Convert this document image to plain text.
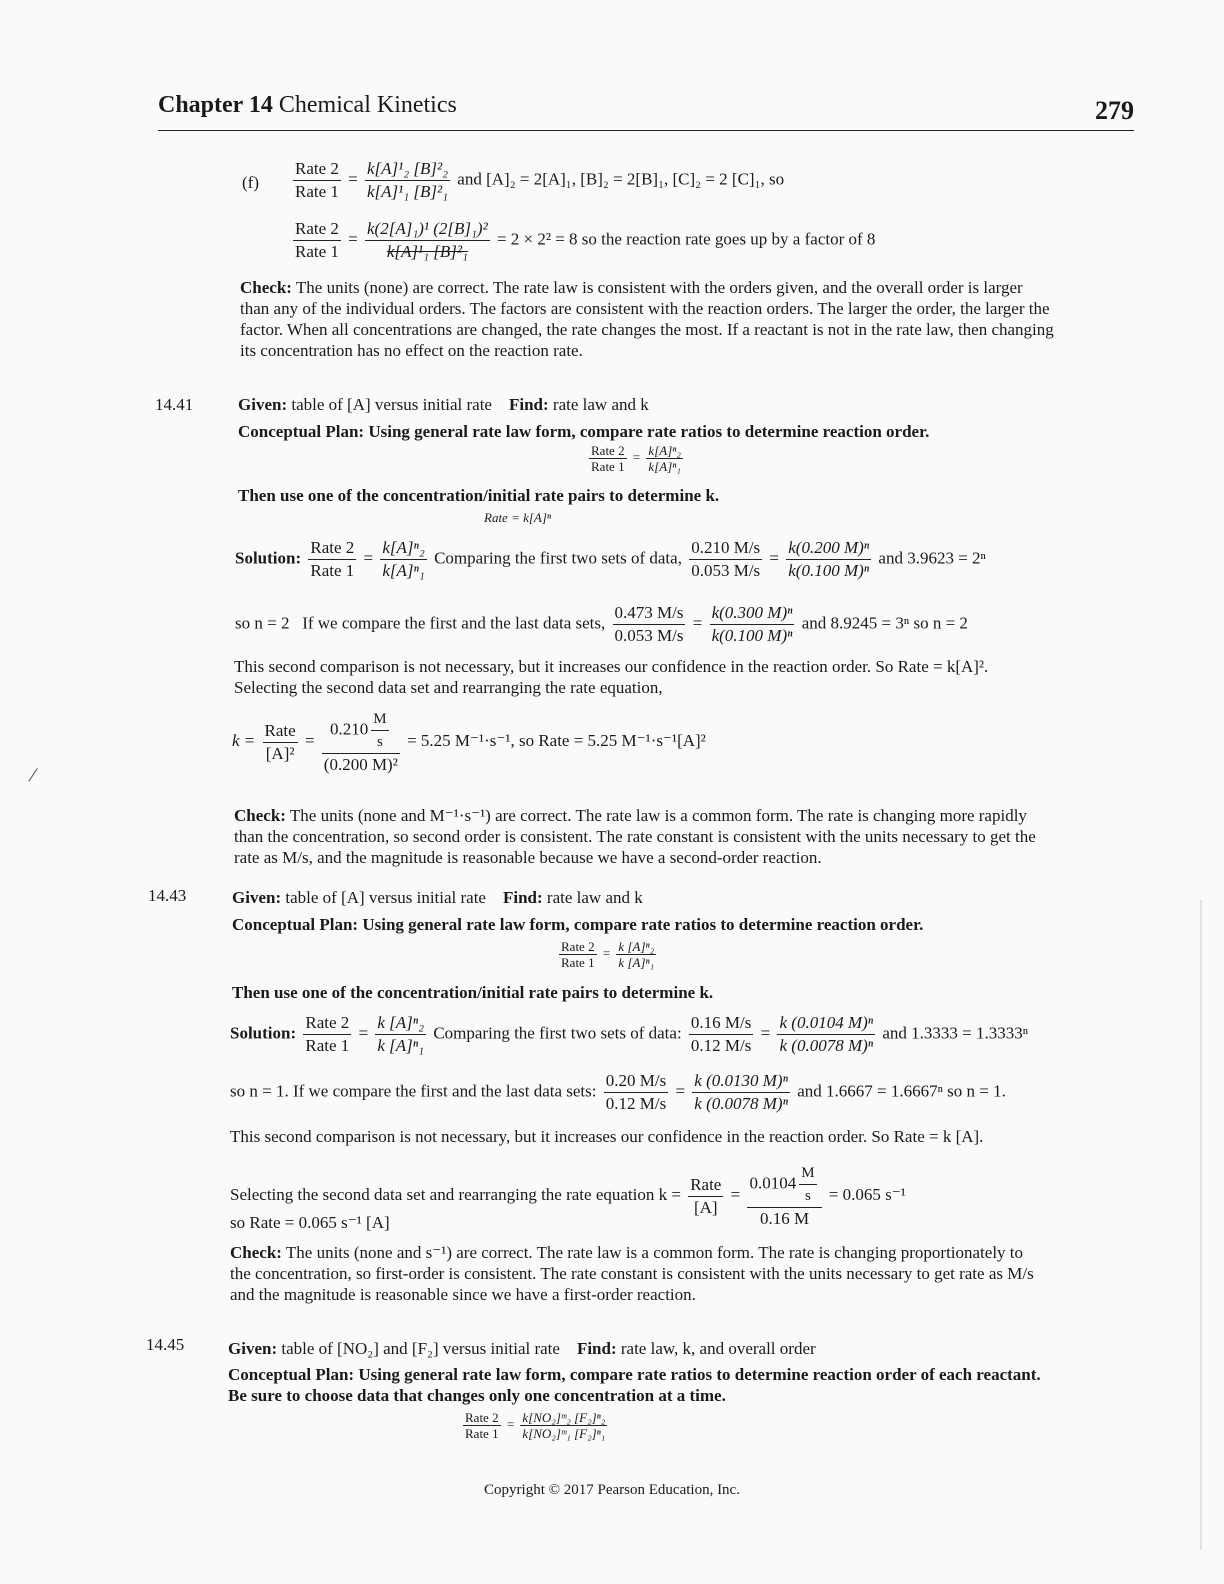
Chapter 14 Chemical Kinetics	279
$(f) \frac{\text{Rate 2}}{\text{Rate 1}} = \frac{\text{k[A]¹₂ [B]²₂}}{\text{k[A]¹₁ [B]²₁}}$ and [A]₂ = 2[A]₁, [B]₂ = 2[B]₁, [C]₂ = 2 [C]₁, so
$\frac{\text{Rate 2}}{\text{Rate 1}} = \frac{\text{k(2[A]₁)¹ (2[B]₁)²}}{\text{k[A]¹₁ [B]²₁}} = 2 \times 2^2 = 8$ so the reaction rate goes up by a factor of 8
Check: The units (none) are correct. The rate law is consistent with the orders given, and the overall order is larger
than any of the individual orders. The factors are consistent with the reaction orders. The larger the order, the larger the
factor. When all concentrations are changed, the rate changes the most. If a reactant is not in the rate law, then changing
its concentration has no effect on the reaction rate.
14.41	Given: table of [A] versus initial rate Find: rate law and k
Conceptual Plan: Using general rate law form, compare rate ratios to determine reaction order.
$\frac{\text{Rate 2}}{\text{Rate 1}} = \frac{\text{k[A]ⁿ₂}}{\text{k[A]ⁿ₁}}$
Then use one of the concentration/initial rate pairs to determine k.
Rate = k[A]ⁿ
Solution: $\frac{\text{Rate 2}}{\text{Rate 1}} = \frac{\text{k[A]ⁿ₂}}{\text{k[A]ⁿ₁}}$ Comparing the first two sets of data, $\frac{0.210 M/s}{0.053 M/s} = \frac{\text{k(0.200 M)ⁿ}}{\text{k(0.100 M)ⁿ}}$ and 3.9623 = 2ⁿ
so n = 2 If we compare the first and the last data sets, $\frac{0.473 M/s}{0.053 M/s} = \frac{\text{k(0.300 M)ⁿ}}{\text{k(0.100 M)ⁿ}}$ and 8.9245 = 3ⁿ so n = 2
This second comparison is not necessary, but it increases our confidence in the reaction order. So Rate = k[A]².
Selecting the second data set and rearranging the rate equation,
$k = \frac{\text{Rate}}{\text{[A]²}} = \frac{0.210 \frac{M}{s}}{\text{(0.200 M)²}} = 5.25$ M⁻¹·s⁻¹, so Rate = 5.25 M⁻¹·s⁻¹[A]²
Check: The units (none and M⁻¹·s⁻¹) are correct. The rate law is a common form. The rate is changing more rapidly
than the concentration, so second order is consistent. The rate constant is consistent with the units necessary to get the
rate as M/s, and the magnitude is reasonable because we have a second-order reaction.
14.43	Given: table of [A] versus initial rate Find: rate law and k
Conceptual Plan: Using general rate law form, compare rate ratios to determine reaction order.
$\frac{\text{Rate 2}}{\text{Rate 1}} = \frac{\text{k [A]ⁿ₂}}{\text{k [A]ⁿ₁}}$
Then use one of the concentration/initial rate pairs to determine k.
Solution: $\frac{\text{Rate 2}}{\text{Rate 1}} = \frac{\text{k [A]ⁿ₂}}{\text{k [A]ⁿ₁}}$ Comparing the first two sets of data: $\frac{0.16 M/s}{0.12 M/s} = \frac{\text{k (0.0104 M)ⁿ}}{\text{k (0.0078 M)ⁿ}}$ and 1.3333 = 1.3333ⁿ
so n = 1. If we compare the first and the last data sets: $\frac{0.20 M/s}{0.12 M/s} = \frac{\text{k (0.0130 M)ⁿ}}{\text{k (0.0078 M)ⁿ}}$ and 1.6667 = 1.6667ⁿ so n = 1.
This second comparison is not necessary, but it increases our confidence in the reaction order. So Rate = k [A].
Selecting the second data set and rearranging the rate equation $k = \frac{\text{Rate}}{[A]} = \frac{0.0104 \frac{M}{s}}{0.16 M} = 0.065$ s⁻¹
so Rate = 0.065 s⁻¹ [A]
Check: The units (none and s⁻¹) are correct. The rate law is a common form. The rate is changing proportionately to
the concentration, so first-order is consistent. The rate constant is consistent with the units necessary to get rate as M/s
and the magnitude is reasonable since we have a first-order reaction.
14.45	Given: table of [NO₂] and [F₂] versus initial rate Find: rate law, k, and overall order
Conceptual Plan: Using general rate law form, compare rate ratios to determine reaction order of each reactant.
Be sure to choose data that changes only one concentration at a time.
$\frac{\text{Rate 2}}{\text{Rate 1}} = \frac{\text{k[NO₂]ᵐ₂ [F₂]ⁿ₂}}{\text{k[NO₂]ᵐ₁ [F₂]ⁿ₁}}$
/
Copyright © 2017 Pearson Education, Inc.
